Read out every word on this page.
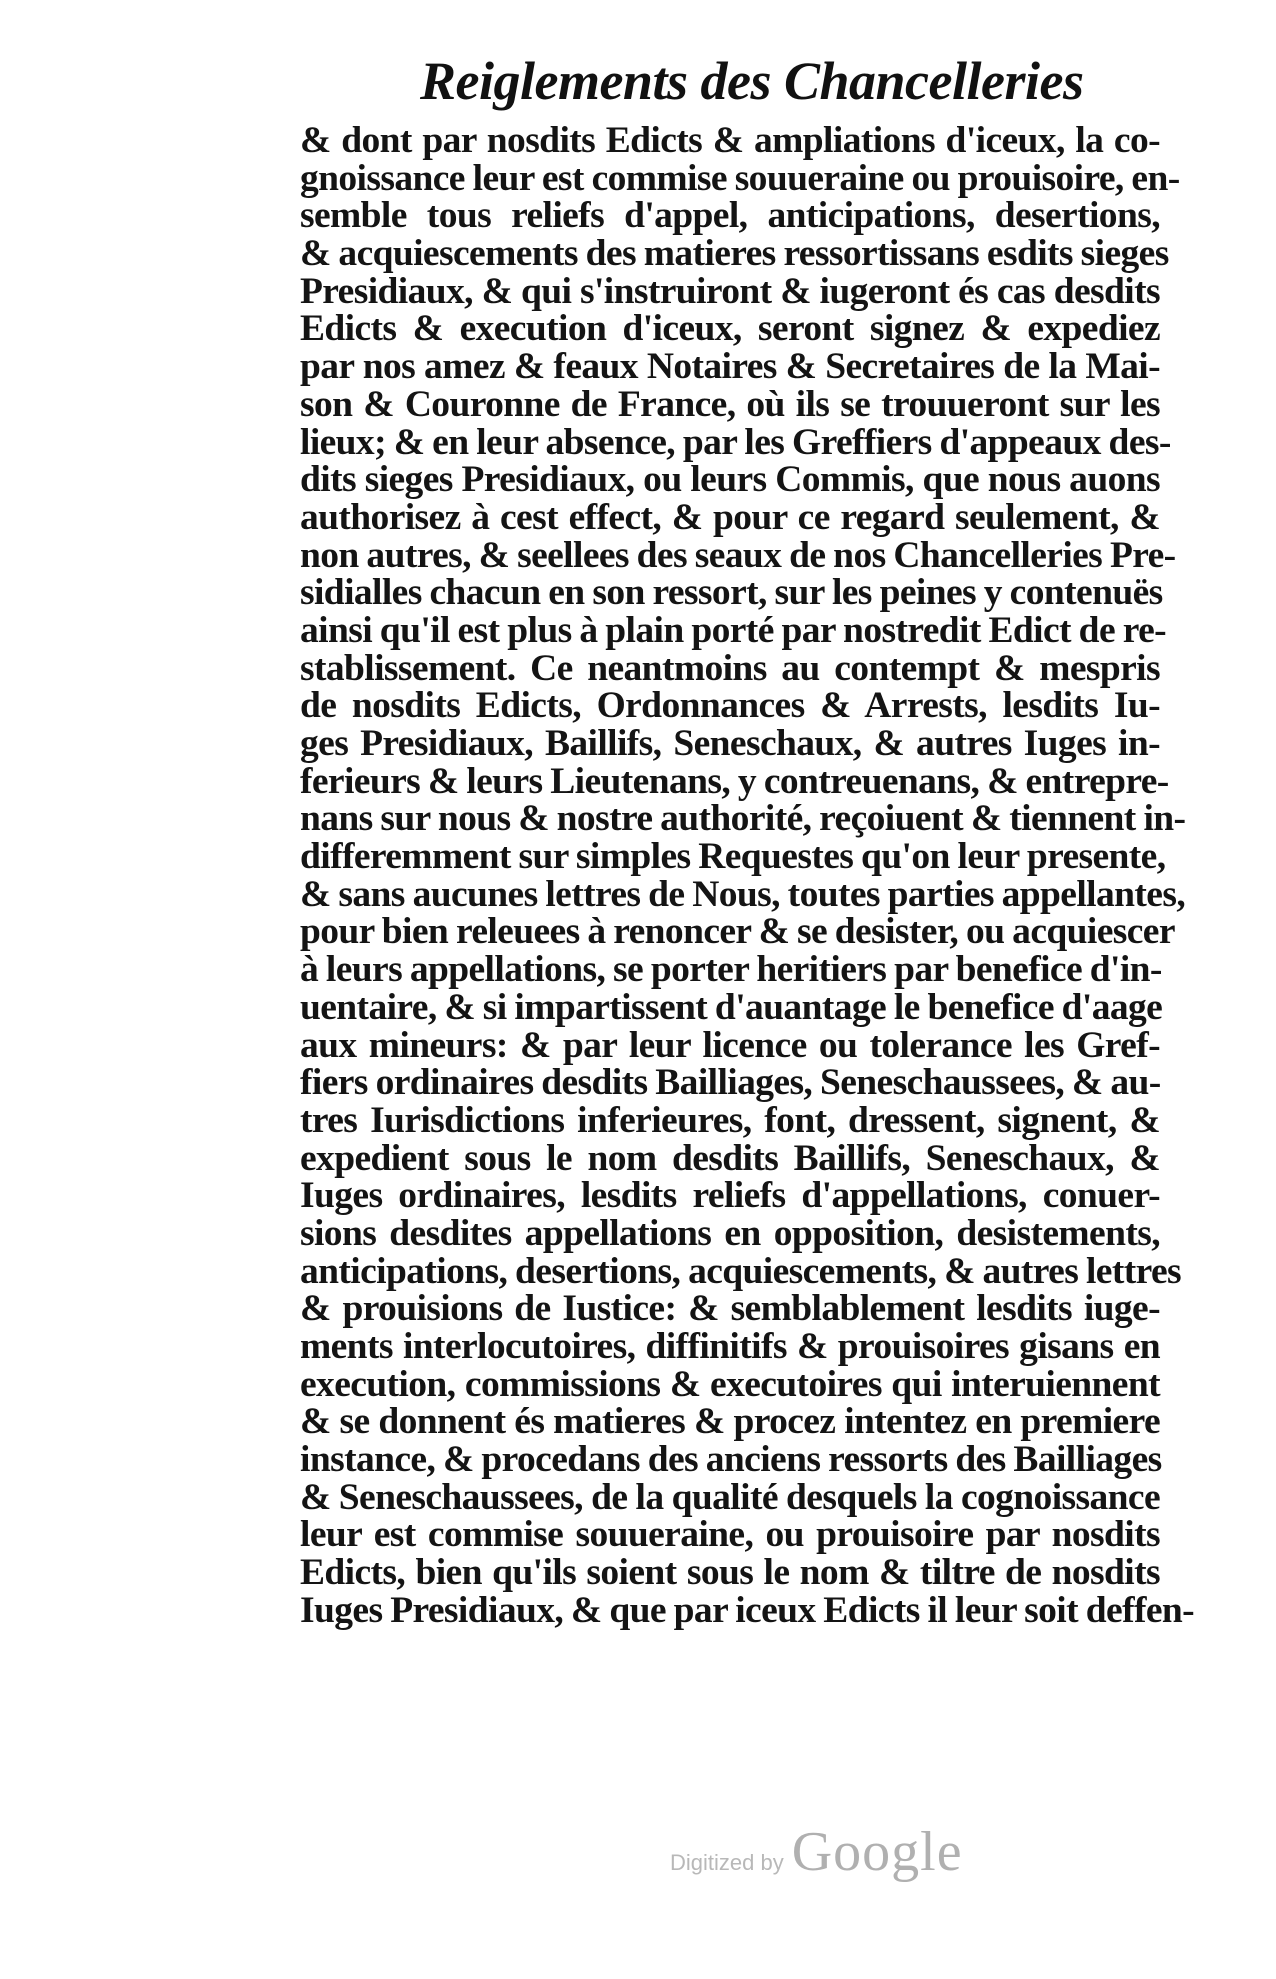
Reiglements des Chancelleries
& dont par nosdits Edicts & ampliations d'iceux, la co-
gnoissance leur est commise souueraine ou prouisoire, en-
semble tous reliefs d'appel, anticipations, desertions,
& acquiescements des matieres ressortissans esdits sieges
Presidiaux, & qui s'instruiront & iugeront és cas desdits
Edicts & execution d'iceux, seront signez & expediez
par nos amez & feaux Notaires & Secretaires de la Mai-
son & Couronne de France, où ils se trouueront sur les
lieux; & en leur absence, par les Greffiers d'appeaux des-
dits sieges Presidiaux, ou leurs Commis, que nous auons
authorisez à cest effect, & pour ce regard seulement, &
non autres, & seellees des seaux de nos Chancelleries Pre-
sidialles chacun en son ressort, sur les peines y contenuës
ainsi qu'il est plus à plain porté par nostredit Edict de re-
stablissement. Ce neantmoins au contempt & mespris
de nosdits Edicts, Ordonnances & Arrests, lesdits Iu-
ges Presidiaux, Baillifs, Seneschaux, & autres Iuges in-
ferieurs & leurs Lieutenans, y contreuenans, & entrepre-
nans sur nous & nostre authorité, reçoiuent & tiennent in-
differemment sur simples Requestes qu'on leur presente,
& sans aucunes lettres de Nous, toutes parties appellantes,
pour bien releuees à renoncer & se desister, ou acquiescer
à leurs appellations, se porter heritiers par benefice d'in-
uentaire, & si impartissent d'auantage le benefice d'aage
aux mineurs: & par leur licence ou tolerance les Gref-
fiers ordinaires desdits Bailliages, Seneschaussees, & au-
tres Iurisdictions inferieures, font, dressent, signent, &
expedient sous le nom desdits Baillifs, Seneschaux, &
Iuges ordinaires, lesdits reliefs d'appellations, conuer-
sions desdites appellations en opposition, desistements,
anticipations, desertions, acquiescements, & autres lettres
& prouisions de Iustice: & semblablement lesdits iuge-
ments interlocutoires, diffinitifs & prouisoires gisans en
execution, commissions & executoires qui interuiennent
& se donnent és matieres & procez intentez en premiere
instance, & procedans des anciens ressorts des Bailliages
& Seneschaussees, de la qualité desquels la cognoissance
leur est commise souueraine, ou prouisoire par nosdits
Edicts, bien qu'ils soient sous le nom & tiltre de nosdits
Iuges Presidiaux, & que par iceux Edicts il leur soit deffen-
Digitized by Google
